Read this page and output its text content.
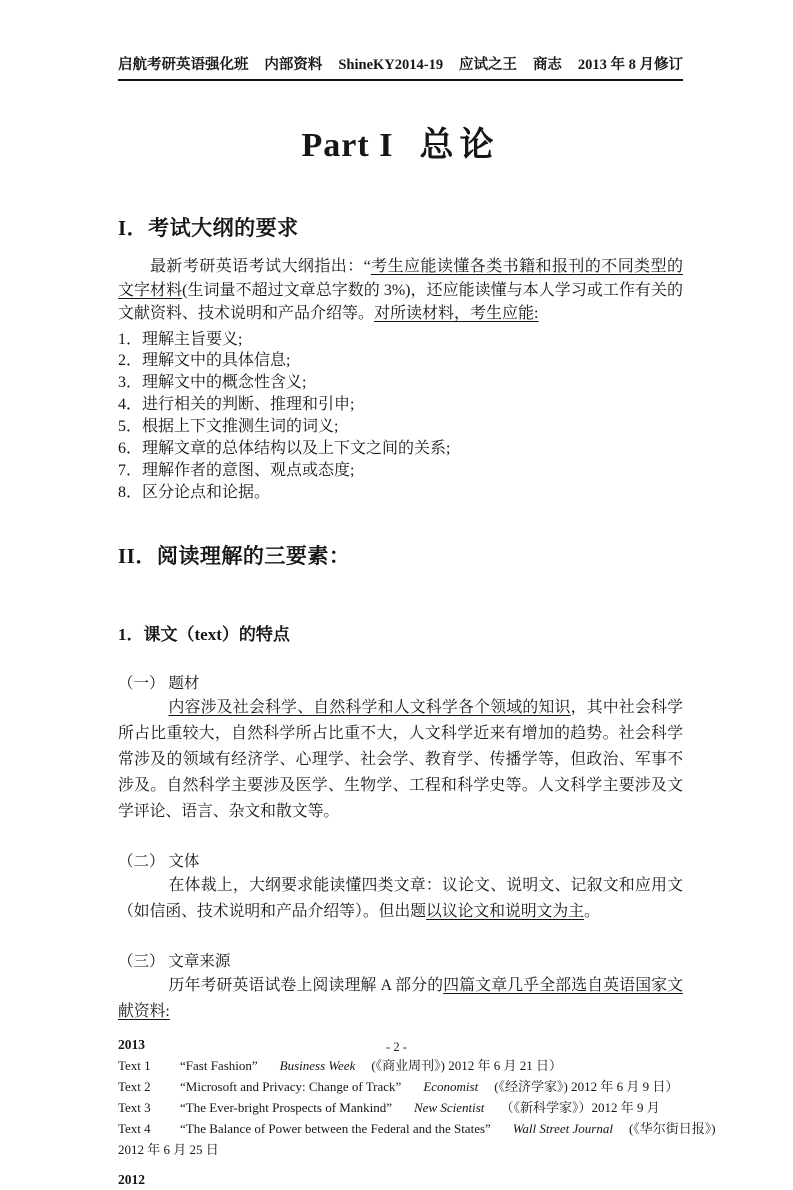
启航考研英语强化班 内部资料 ShineKY2014-19 应试之王 商志 2013 年 8 月修订
Part I 总论
I．考试大纲的要求

最新考研英语考试大纲指出：“考生应能读懂各类书籍和报刊的不同类型的文字材料(生词量不超过文章总字数的 3%)，还应能读懂与本人学习或工作有关的文献资料、技术说明和产品介绍等。对所读材料，考生应能:

1．理解主旨要义;
2．理解文中的具体信息;
3．理解文中的概念性含义;
4．进行相关的判断、推理和引申;
5．根据上下文推测生词的词义;
6．理解文章的总体结构以及上下文之间的关系;
7．理解作者的意图、观点或态度;
8．区分论点和论据。
II．阅读理解的三要素：
1．课文（text）的特点
（一） 题材

内容涉及社会科学、自然科学和人文科学各个领域的知识，其中社会科学所占比重较大，自然科学所占比重不大，人文科学近来有增加的趋势。社会科学常涉及的领域有经济学、心理学、社会学、教育学、传播学等，但政治、军事不涉及。自然科学主要涉及医学、生物学、工程和科学史等。人文科学主要涉及文学评论、语言、杂文和散文等。

（二） 文体

在体裁上，大纲要求能读懂四类文章：议论文、说明文、记叙文和应用文（如信函、技术说明和产品介绍等）。但出题以议论文和说明文为主。

（三） 文章来源

历年考研英语试卷上阅读理解 A 部分的四篇文章几乎全部选自英语国家文献资料:

2013
Text 1 “Fast Fashion” Business Week (《商业周刊》) 2012 年 6 月 21 日）
Text 2 “Microsoft and Privacy: Change of Track” Economist (《经济学家》) 2012 年 6 月 9 日）
Text 3 “The Ever-bright Prospects of Mankind” New Scientist （《新科学家》）2012 年 9 月
Text 4 “The Balance of Power between the Federal and the States” Wall Street Journal (《华尔街日报》)
2012 年 6 月 25 日
2012
- 2 -
